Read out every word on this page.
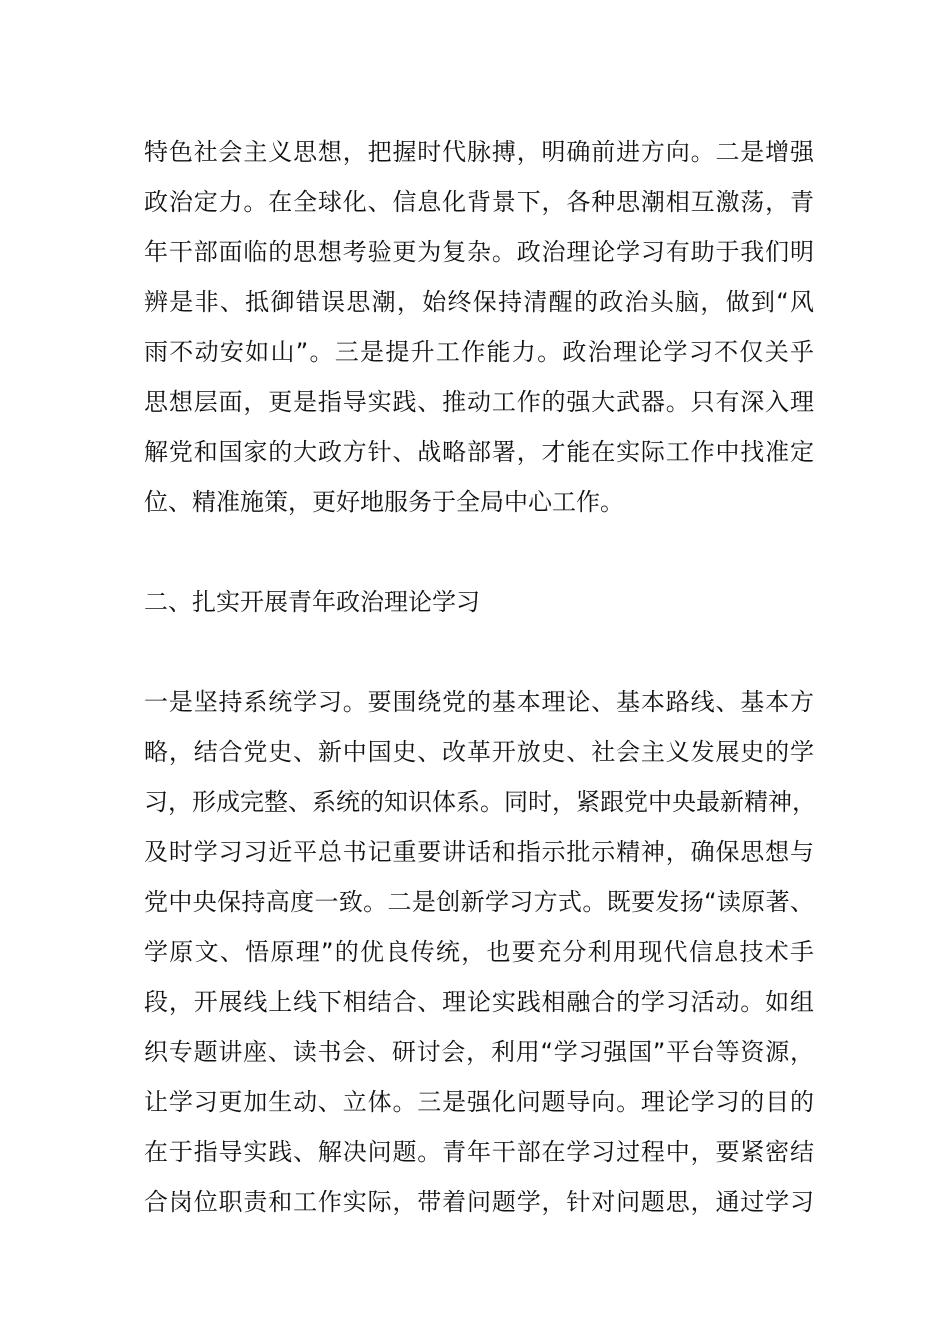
特色社会主义思想，把握时代脉搏，明确前进方向。二是增强
政治定力。在全球化、信息化背景下，各种思潮相互激荡，青
年干部面临的思想考验更为复杂。政治理论学习有助于我们明
辨是非、抵御错误思潮，始终保持清醒的政治头脑，做到“风
雨不动安如山”。三是提升工作能力。政治理论学习不仅关乎
思想层面，更是指导实践、推动工作的强大武器。只有深入理
解党和国家的大政方针、战略部署，才能在实际工作中找准定
位、精准施策，更好地服务于全局中心工作。
二、扎实开展青年政治理论学习
一是坚持系统学习。要围绕党的基本理论、基本路线、基本方
略，结合党史、新中国史、改革开放史、社会主义发展史的学
习，形成完整、系统的知识体系。同时，紧跟党中央最新精神，
及时学习习近平总书记重要讲话和指示批示精神，确保思想与
党中央保持高度一致。二是创新学习方式。既要发扬“读原著、
学原文、悟原理”的优良传统，也要充分利用现代信息技术手
段，开展线上线下相结合、理论实践相融合的学习活动。如组
织专题讲座、读书会、研讨会，利用“学习强国”平台等资源，
让学习更加生动、立体。三是强化问题导向。理论学习的目的
在于指导实践、解决问题。青年干部在学习过程中，要紧密结
合岗位职责和工作实际，带着问题学，针对问题思，通过学习
